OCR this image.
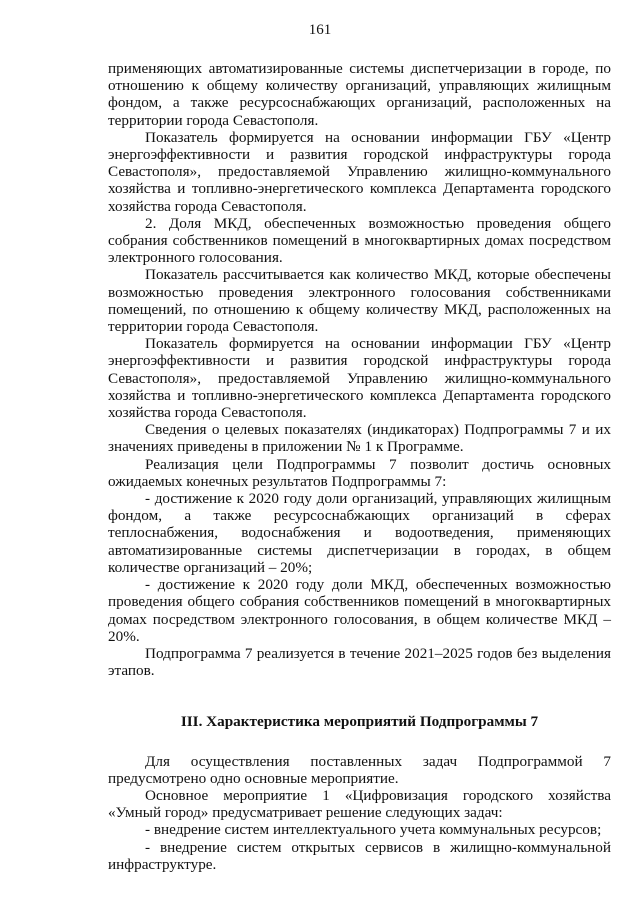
161

применяющих автоматизированные системы диспетчеризации в городе, по отношению к общему количеству организаций, управляющих жилищным фондом, а также ресурсоснабжающих организаций, расположенных на территории города Севастополя.

Показатель формируется на основании информации ГБУ «Центр энергоэффективности и развития городской инфраструктуры города Севастополя», предоставляемой Управлению жилищно-коммунального хозяйства и топливно-энергетического комплекса Департамента городского хозяйства города Севастополя.

2. Доля МКД, обеспеченных возможностью проведения общего собрания собственников помещений в многоквартирных домах посредством электронного голосования.

Показатель рассчитывается как количество МКД, которые обеспечены возможностью проведения электронного голосования собственниками помещений, по отношению к общему количеству МКД, расположенных на территории города Севастополя.

Показатель формируется на основании информации ГБУ «Центр энергоэффективности и развития городской инфраструктуры города Севастополя», предоставляемой Управлению жилищно-коммунального хозяйства и топливно-энергетического комплекса Департамента городского хозяйства города Севастополя.

Сведения о целевых показателях (индикаторах) Подпрограммы 7 и их значениях приведены в приложении № 1 к Программе.

Реализация цели Подпрограммы 7 позволит достичь основных ожидаемых конечных результатов Подпрограммы 7:

- достижение к 2020 году доли организаций, управляющих жилищным фондом, а также ресурсоснабжающих организаций в сферах теплоснабжения, водоснабжения и водоотведения, применяющих автоматизированные системы диспетчеризации в городах, в общем количестве организаций – 20%;

- достижение к 2020 году доли МКД, обеспеченных возможностью проведения общего собрания собственников помещений в многоквартирных домах посредством электронного голосования, в общем количестве МКД – 20%.

Подпрограмма 7 реализуется в течение 2021–2025 годов без выделения этапов.

III. Характеристика мероприятий Подпрограммы 7

Для осуществления поставленных задач Подпрограммой 7 предусмотрено одно основные мероприятие.

Основное мероприятие 1 «Цифровизация городского хозяйства «Умный город» предусматривает решение следующих задач:

- внедрение систем интеллектуального учета коммунальных ресурсов;

- внедрение систем открытых сервисов в жилищно-коммунальной инфраструктуре.
